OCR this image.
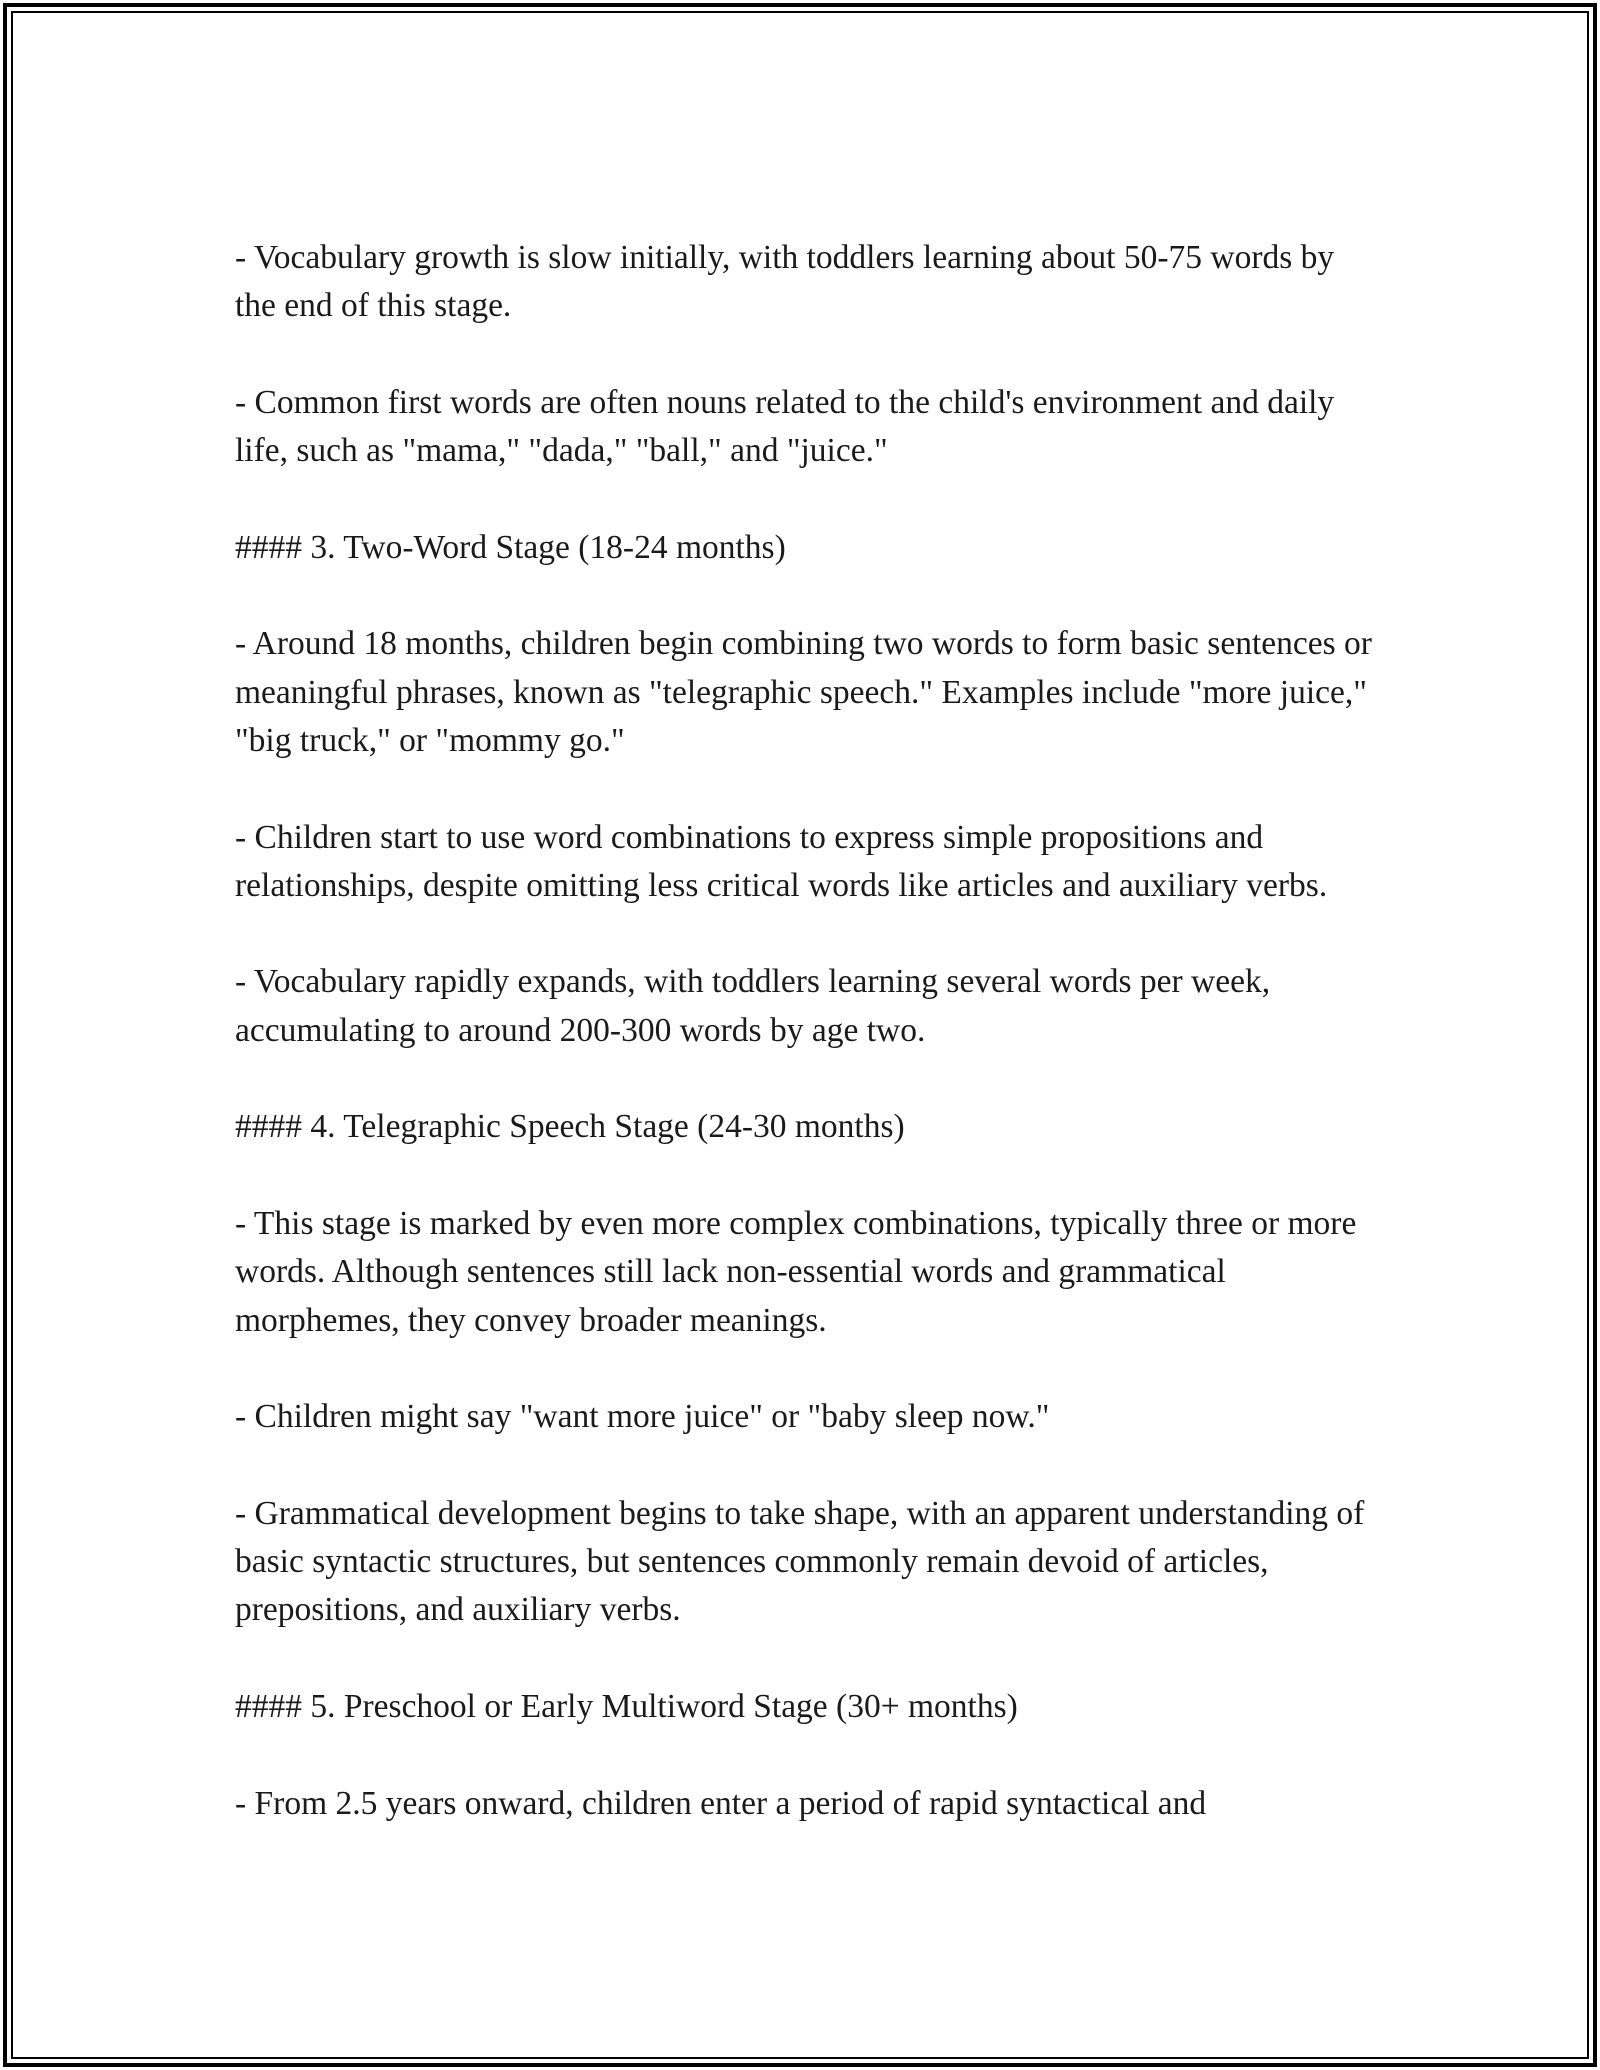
- Vocabulary growth is slow initially, with toddlers learning about 50-75 words by the end of this stage.

- Common first words are often nouns related to the child's environment and daily life, such as "mama," "dada," "ball," and "juice."

#### 3. Two-Word Stage (18-24 months)

- Around 18 months, children begin combining two words to form basic sentences or meaningful phrases, known as "telegraphic speech." Examples include "more juice," "big truck," or "mommy go."

- Children start to use word combinations to express simple propositions and relationships, despite omitting less critical words like articles and auxiliary verbs.

- Vocabulary rapidly expands, with toddlers learning several words per week, accumulating to around 200-300 words by age two.

#### 4. Telegraphic Speech Stage (24-30 months)

- This stage is marked by even more complex combinations, typically three or more words. Although sentences still lack non-essential words and grammatical morphemes, they convey broader meanings.

- Children might say "want more juice" or "baby sleep now."

- Grammatical development begins to take shape, with an apparent understanding of basic syntactic structures, but sentences commonly remain devoid of articles, prepositions, and auxiliary verbs.

#### 5. Preschool or Early Multiword Stage (30+ months)

- From 2.5 years onward, children enter a period of rapid syntactical and
